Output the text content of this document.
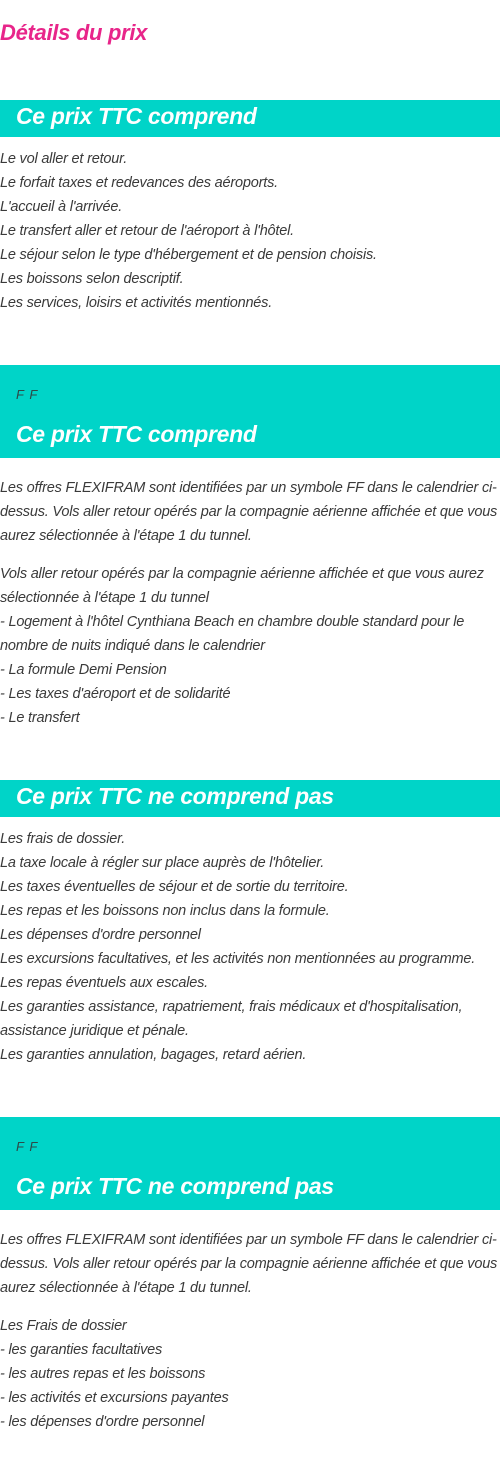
Détails du prix
Ce prix TTC comprend
Le vol aller et retour.
Le forfait taxes et redevances des aéroports.
L'accueil à l'arrivée.
Le transfert aller et retour de l'aéroport à l'hôtel.
Le séjour selon le type d'hébergement et de pension choisis.
Les boissons selon descriptif.
Les services, loisirs et activités mentionnés.
F F
Ce prix TTC comprend

Les offres FLEXIFRAM sont identifiées par un symbole FF dans le calendrier ci-
dessus. Vols aller retour opérés par la compagnie aérienne affichée et que vous
aurez sélectionnée à l'étape 1 du tunnel.

Vols aller retour opérés par la compagnie aérienne affichée et que vous aurez
sélectionnée à l'étape 1 du tunnel
- Logement à l'hôtel Cynthiana Beach en chambre double standard pour le
nombre de nuits indiqué dans le calendrier
- La formule Demi Pension
- Les taxes d'aéroport et de solidarité
- Le transfert

Ce prix TTC ne comprend pas
Les frais de dossier.
La taxe locale à régler sur place auprès de l'hôtelier.
Les taxes éventuelles de séjour et de sortie du territoire.
Les repas et les boissons non inclus dans la formule.
Les dépenses d'ordre personnel
Les excursions facultatives, et les activités non mentionnées au programme.
Les repas éventuels aux escales.
Les garanties assistance, rapatriement, frais médicaux et d'hospitalisation,
assistance juridique et pénale.
Les garanties annulation, bagages, retard aérien.
F F
Ce prix TTC ne comprend pas

Les offres FLEXIFRAM sont identifiées par un symbole FF dans le calendrier ci-
dessus. Vols aller retour opérés par la compagnie aérienne affichée et que vous
aurez sélectionnée à l'étape 1 du tunnel.

Les Frais de dossier
- les garanties facultatives
- les autres repas et les boissons
- les activités et excursions payantes
- les dépenses d'ordre personnel
